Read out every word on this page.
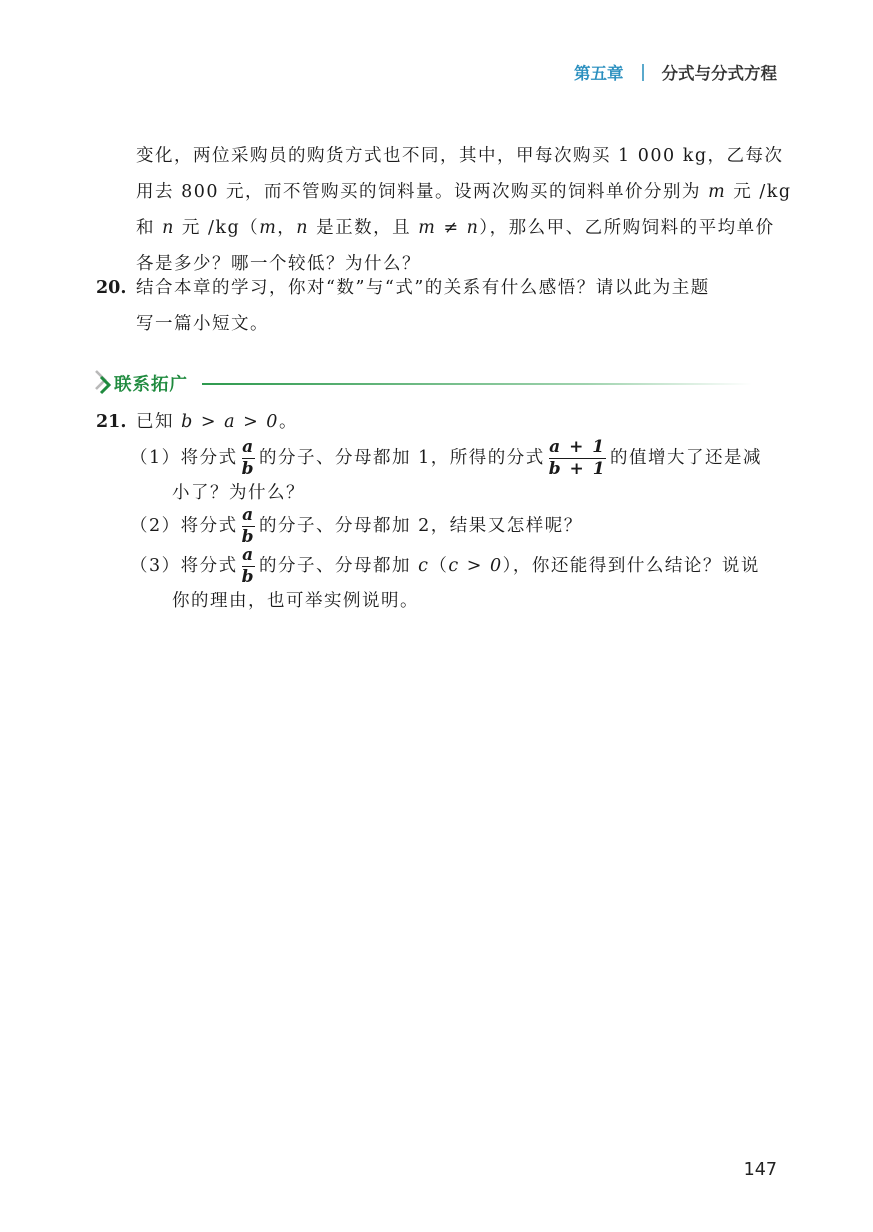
第五章 分式与分式方程
变化，两位采购员的购货方式也不同，其中，甲每次购买 1 000 kg，乙每次
用去 800 元，而不管购买的饲料量。设两次购买的饲料单价分别为 m 元 /kg
和 n 元 /kg（m，n 是正数，且 m ≠ n），那么甲、乙所购饲料的平均单价
各是多少？哪一个较低？为什么？
20. 结合本章的学习，你对“数”与“式”的关系有什么感悟？请以此为主题
写一篇小短文。
联系拓广
21. 已知 b > a > 0。
（1）将分式 $\frac{a}{b}$ 的分子、分母都加 1，所得的分式 $\frac{a + 1}{b + 1}$ 的值增大了还是减
小了？为什么？
（2）将分式 $\frac{a}{b}$ 的分子、分母都加 2，结果又怎样呢？
（3）将分式 $\frac{a}{b}$ 的分子、分母都加 c（c > 0），你还能得到什么结论？说说
你的理由，也可举实例说明。
147
